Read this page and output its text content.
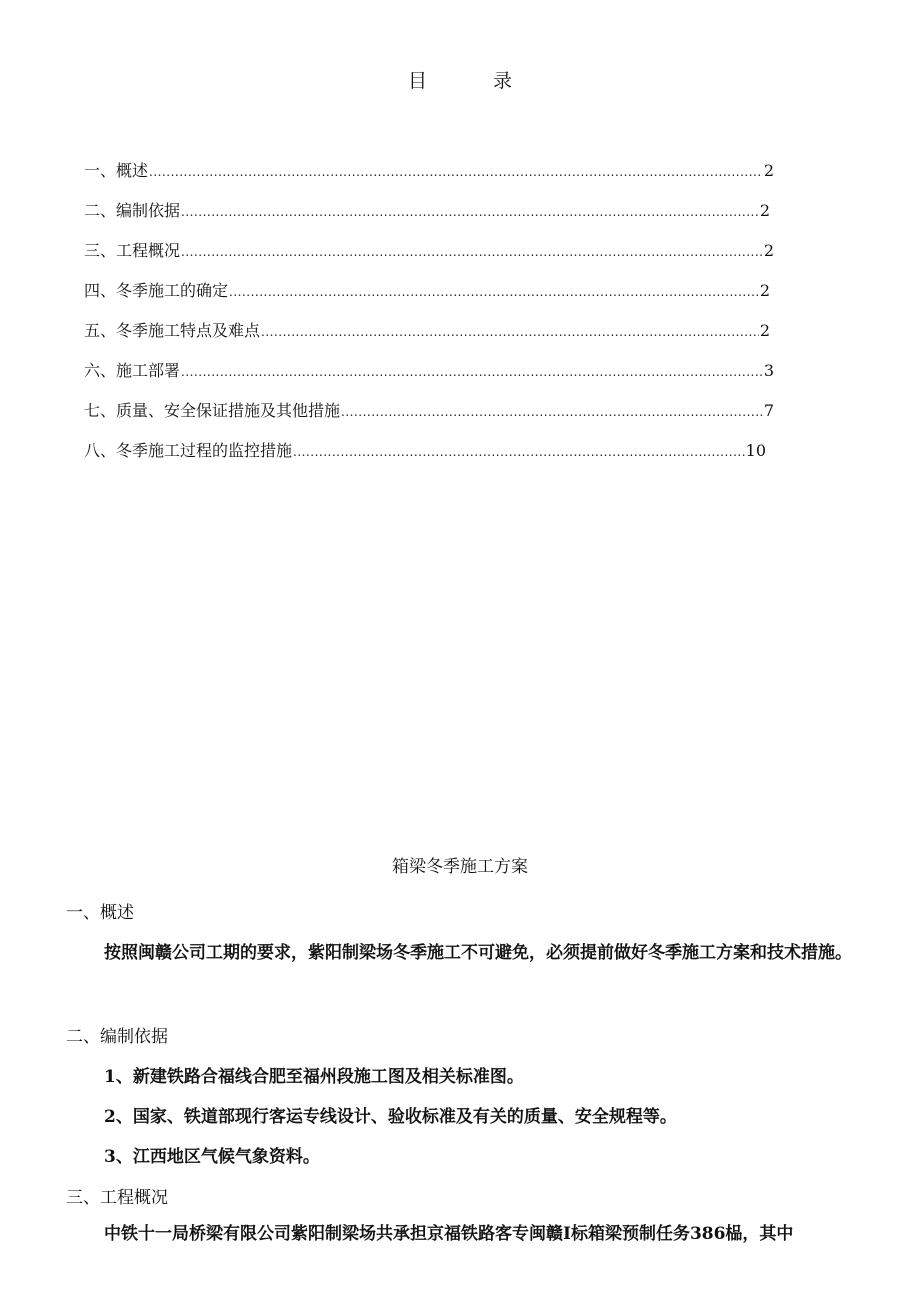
目	录
一、概述 .....	2
二、编制依据 .....	2
三、工程概况 .....	2
四、冬季施工的确定 .....	2
五、冬季施工特点及难点 .....	2
六、施工部署 .....	3
七、质量、安全保证措施及其他措施 .....	7
八、冬季施工过程的监控措施 .....	10
箱梁冬季施工方案
一、概述
按照闽赣公司工期的要求，紫阳制梁场冬季施工不可避免，必须提前做好冬季施工方案和技术措施。
二、编制依据
1、新建铁路合福线合肥至福州段施工图及相关标准图。
2、国家、铁道部现行客运专线设计、验收标准及有关的质量、安全规程等。
3、江西地区气候气象资料。
三、工程概况
中铁十一局桥梁有限公司紫阳制梁场共承担京福铁路客专闽赣I标箱梁预制任务386榀，其中
